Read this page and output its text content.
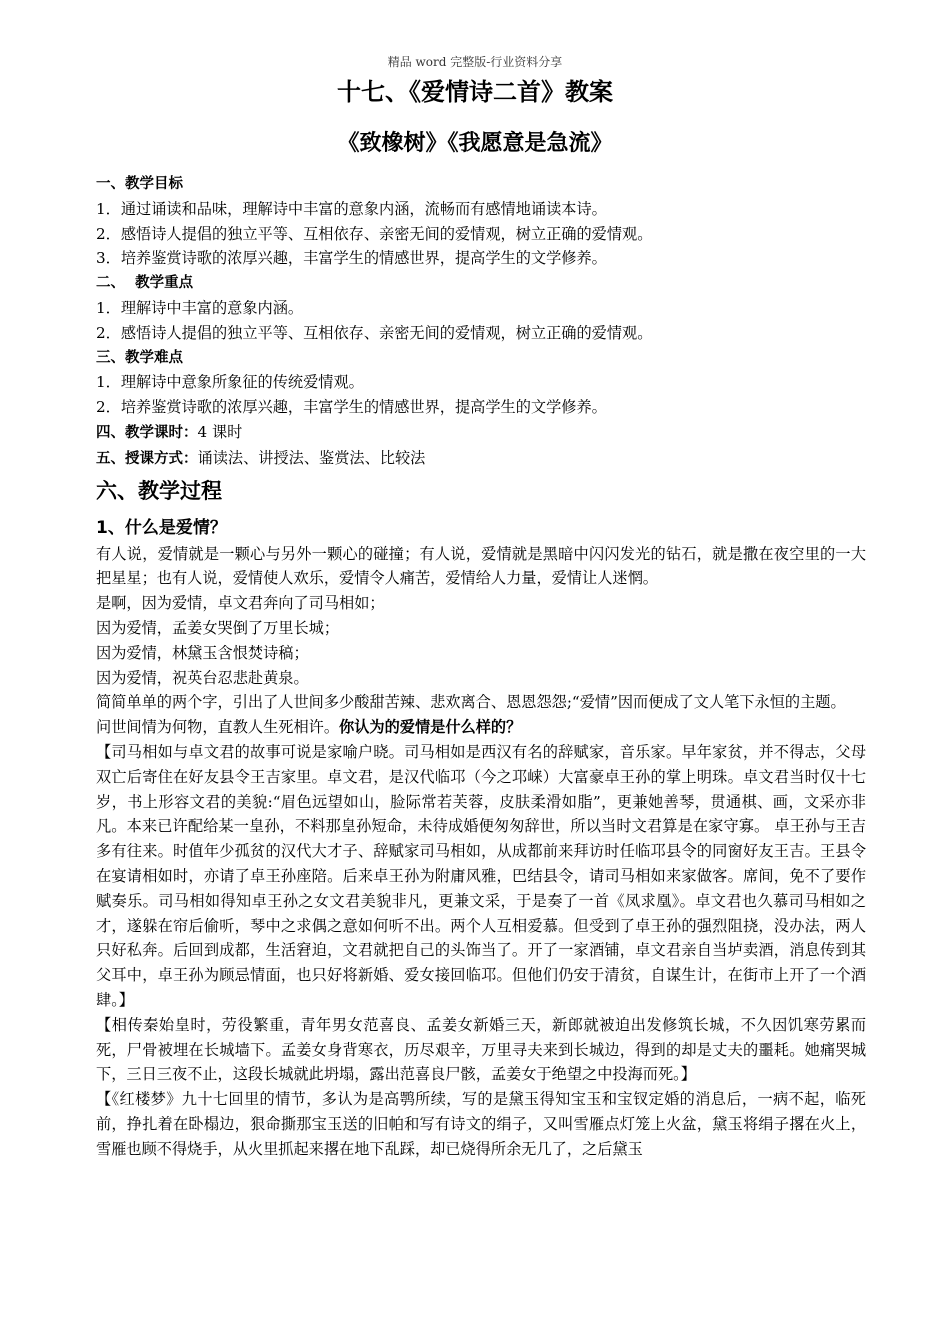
精品 word 完整版-行业资料分享
十七、《爱情诗二首》教案
《致橡树》《我愿意是急流》

一、教学目标

1．通过诵读和品味，理解诗中丰富的意象内涵，流畅而有感情地诵读本诗。

2．感悟诗人提倡的独立平等、互相依存、亲密无间的爱情观，树立正确的爱情观。

3．培养鉴赏诗歌的浓厚兴趣，丰富学生的情感世界，提高学生的文学修养。

二、  教学重点

1．理解诗中丰富的意象内涵。

2．感悟诗人提倡的独立平等、互相依存、亲密无间的爱情观，树立正确的爱情观。

三、教学难点

1．理解诗中意象所象征的传统爱情观。

2．培养鉴赏诗歌的浓厚兴趣，丰富学生的情感世界，提高学生的文学修养。

四、教学课时：4 课时

五、授课方式：诵读法、讲授法、鉴赏法、比较法

六、教学过程

1、什么是爱情？

有人说，爱情就是一颗心与另外一颗心的碰撞；有人说，爱情就是黑暗中闪闪发光的钻石，就是撒在夜空里的一大把星星；也有人说，爱情使人欢乐，爱情令人痛苦，爱情给人力量，爱情让人迷惘。

是啊，因为爱情，卓文君奔向了司马相如；

因为爱情，孟姜女哭倒了万里长城；

因为爱情，林黛玉含恨焚诗稿；

因为爱情，祝英台忍悲赴黄泉。

简简单单的两个字，引出了人世间多少酸甜苦辣、悲欢离合、恩恩怨怨;“爱情”因而便成了文人笔下永恒的主题。

问世间情为何物，直教人生死相许。你认为的爱情是什么样的？

【司马相如与卓文君的故事可说是家喻户晓。司马相如是西汉有名的辞赋家，音乐家。早年家贫，并不得志，父母双亡后寄住在好友县令王吉家里。卓文君，是汉代临邛（今之邛崃）大富豪卓王孙的掌上明珠。卓文君当时仅十七岁，书上形容文君的美貌:“眉色远望如山，脸际常若芙蓉，皮肤柔滑如脂”，更兼她善琴，贯通棋、画，文采亦非凡。本来已许配给某一皇孙，不料那皇孙短命，未待成婚便匆匆辞世，所以当时文君算是在家守寡。 卓王孙与王吉多有往来。时值年少孤贫的汉代大才子、辞赋家司马相如，从成都前来拜访时任临邛县令的同窗好友王吉。王县令在宴请相如时，亦请了卓王孙座陪。后来卓王孙为附庸风雅，巴结县令，请司马相如来家做客。席间，免不了要作赋奏乐。司马相如得知卓王孙之女文君美貌非凡，更兼文采，于是奏了一首《凤求凰》。卓文君也久慕司马相如之才，遂躲在帘后偷听，琴中之求偶之意如何听不出。两个人互相爱慕。但受到了卓王孙的强烈阻挠，没办法，两人只好私奔。后回到成都，生活窘迫，文君就把自己的头饰当了。开了一家酒铺，卓文君亲自当垆卖酒，消息传到其父耳中，卓王孙为顾忌情面，也只好将新婚、爱女接回临邛。但他们仍安于清贫，自谋生计，在街市上开了一个酒肆。】

【相传秦始皇时，劳役繁重，青年男女范喜良、孟姜女新婚三天，新郎就被迫出发修筑长城，不久因饥寒劳累而死，尸骨被埋在长城墙下。孟姜女身背寒衣，历尽艰辛，万里寻夫来到长城边，得到的却是丈夫的噩耗。她痛哭城下，三日三夜不止，这段长城就此坍塌，露出范喜良尸骸，孟姜女于绝望之中投海而死。】

【《红楼梦》九十七回里的情节，多认为是高鹗所续，写的是黛玉得知宝玉和宝钗定婚的消息后，一病不起，临死前，挣扎着在卧榻边，狠命撕那宝玉送的旧帕和写有诗文的绢子，又叫雪雁点灯笼上火盆，黛玉将绢子撂在火上，雪雁也顾不得烧手，从火里抓起来撂在地下乱踩，却已烧得所余无几了，之后黛玉
